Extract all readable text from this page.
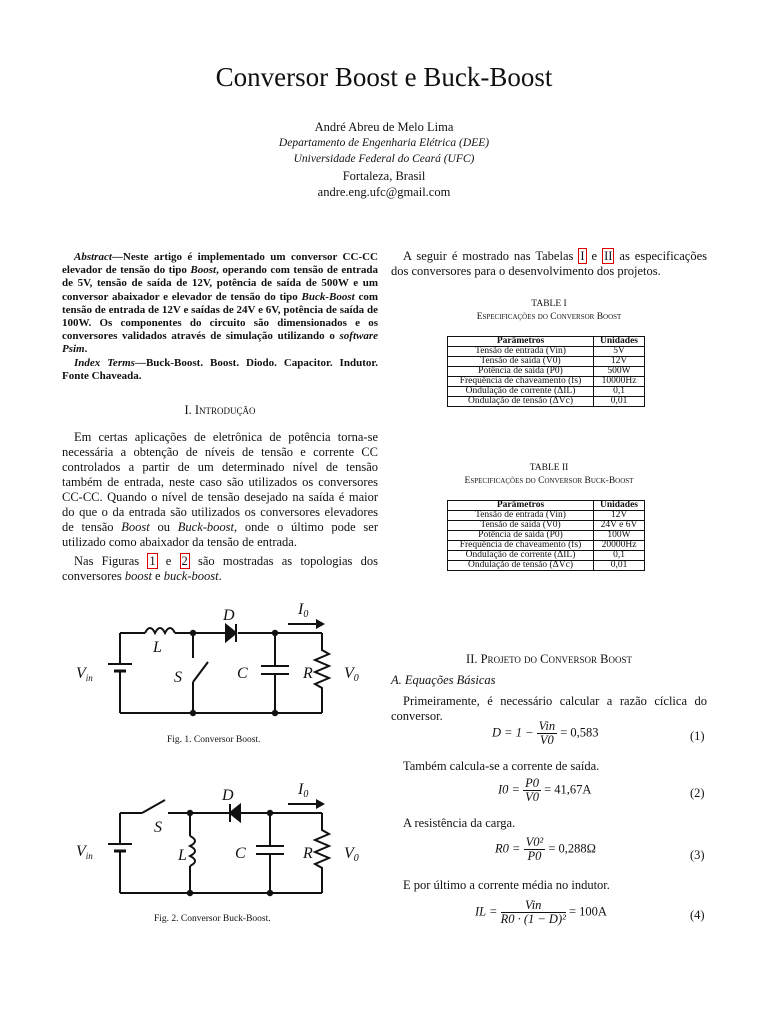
Conversor Boost e Buck-Boost
André Abreu de Melo Lima
Departamento de Engenharia Elétrica (DEE)
Universidade Federal do Ceará (UFC)
Fortaleza, Brasil
andre.eng.ufc@gmail.com
Abstract—Neste artigo é implementado um conversor CC-CC elevador de tensão do tipo Boost, operando com tensão de entrada de 5V, tensão de saída de 12V, potência de saída de 500W e um conversor abaixador e elevador de tensão do tipo Buck-Boost com tensão de entrada de 12V e saídas de 24V e 6V, potência de saída de 100W. Os componentes do circuito são dimensionados e os conversores validados através de simulação utilizando o software Psim.
Index Terms—Buck-Boost. Boost. Diodo. Capacitor. Indutor. Fonte Chaveada.
I. Introdução
Em certas aplicações de eletrônica de potência torna-se necessária a obtenção de níveis de tensão e corrente CC controlados a partir de um determinado nível de tensão também de entrada, neste caso são utilizados os conversores CC-CC. Quando o nível de tensão desejado na saída é maior do que o da entrada são utilizados os conversores elevadores de tensão Boost ou Buck-boost, onde o último pode ser utilizado como abaixador da tensão de entrada.
Nas Figuras 1 e 2 são mostradas as topologias dos conversores boost e buck-boost.
D	I0
L
Vin	S	C	R V0
Fig. 1. Conversor Boost.
D	I0
S
Vin	L	C	R V0
Fig. 2. Conversor Buck-Boost.
A seguir é mostrado nas Tabelas I e II as especificações dos conversores para o desenvolvimento dos projetos.
TABLE I
Especificações do Conversor Boost
Parâmetros	Unidades
Tensão de entrada (Vin)	5V
Tensão de saída (V0)	12V
Potência de saída (P0)	500W
Frequência de chaveamento (fs)	10000Hz
Ondulação de corrente (ΔIL)	0,1
Ondulação de tensão (ΔVc)	0,01
TABLE II
Especificações do Conversor Buck-Boost
Parâmetros	Unidades
Tensão de entrada (Vin)	12V
Tensão de saída (V0)	24V e 6V
Potência de saída (P0)	100W
Frequência de chaveamento (fs)	20000Hz
Ondulação de corrente (ΔIL)	0,1
Ondulação de tensão (ΔVc)	0,01
II. Projeto do Conversor Boost
A. Equações Básicas
Primeiramente, é necessário calcular a razão cíclica do conversor.
$D = 1 - \frac{\text{Vin}}{V0} = 0,583$	(1)
Também calcula-se a corrente de saída.
$I0 = \frac{P0}{V0} = 41,67A$	(2)
A resistência da carga.
$R0 = \frac{\text{V0²}}{P0} = 0,288\Omega$	(3)
E por último a corrente média no indutor.
IL = $\frac{\text{Vin}}{\text{R0 · (1 − D)²}} = 100A$	(4)
